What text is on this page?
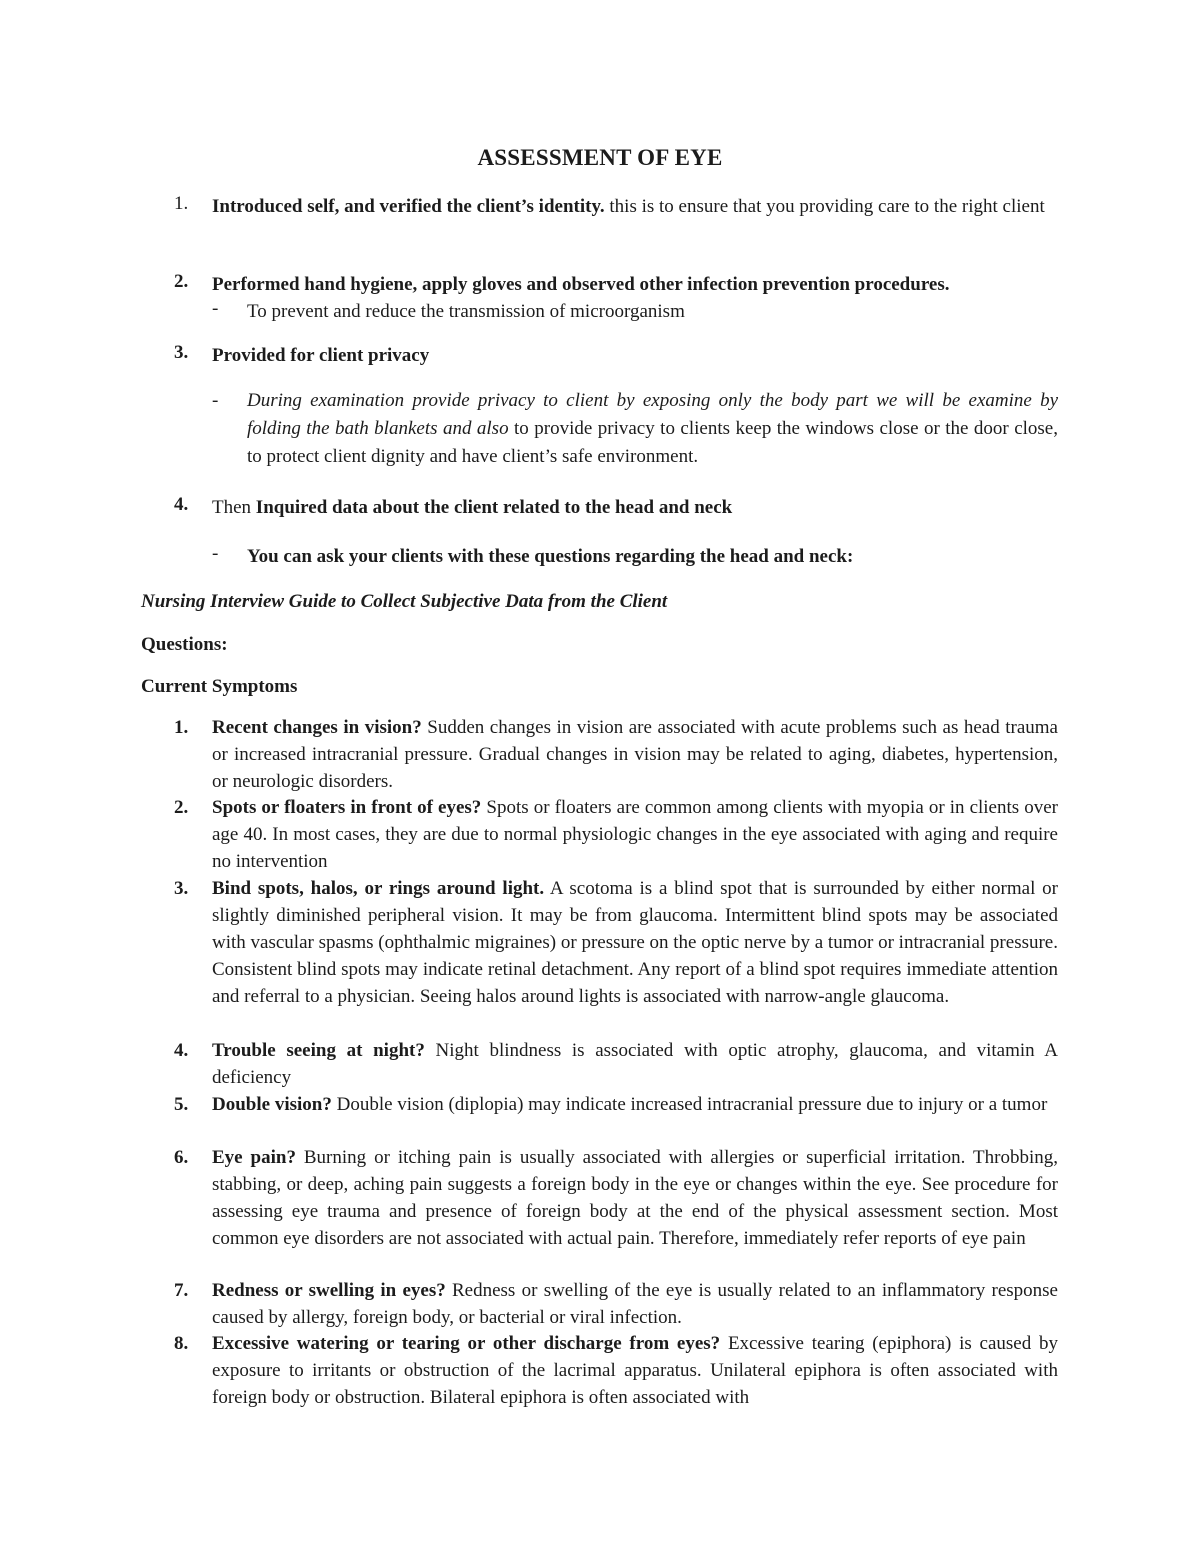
ASSESSMENT OF EYE
1.	Introduced self, and verified the client’s identity. this is to ensure that you providing care to the right client
2.	Performed hand hygiene, apply gloves and observed other infection prevention procedures.
-	To prevent and reduce the transmission of microorganism
3.	Provided for client privacy
-	During examination provide privacy to client by exposing only the body part we will be examine by folding the bath blankets and also to provide privacy to clients keep the windows close or the door close, to protect client dignity and have client’s safe environment.
4.	Then Inquired data about the client related to the head and neck
-	You can ask your clients with these questions regarding the head and neck:
Nursing Interview Guide to Collect Subjective Data from the Client
Questions:
Current Symptoms
1.	Recent changes in vision? Sudden changes in vision are associated with acute problems such as head trauma or increased intracranial pressure. Gradual changes in vision may be related to aging, diabetes, hypertension, or neurologic disorders.
2.	Spots or floaters in front of eyes? Spots or floaters are common among clients with myopia or in clients over age 40. In most cases, they are due to normal physiologic changes in the eye associated with aging and require no intervention
3.	Bind spots, halos, or rings around light. A scotoma is a blind spot that is surrounded by either normal or slightly diminished peripheral vision. It may be from glaucoma. Intermittent blind spots may be associated with vascular spasms (ophthalmic migraines) or pressure on the optic nerve by a tumor or intracranial pressure. Consistent blind spots may indicate retinal detachment. Any report of a blind spot requires immediate attention and referral to a physician. Seeing halos around lights is associated with narrow-angle glaucoma.
4.	Trouble seeing at night? Night blindness is associated with optic atrophy, glaucoma, and vitamin A deficiency
5.	Double vision? Double vision (diplopia) may indicate increased intracranial pressure due to injury or a tumor
6.	Eye pain? Burning or itching pain is usually associated with allergies or superficial irritation. Throbbing, stabbing, or deep, aching pain suggests a foreign body in the eye or changes within the eye. See procedure for assessing eye trauma and presence of foreign body at the end of the physical assessment section. Most common eye disorders are not associated with actual pain. Therefore, immediately refer reports of eye pain
7.	Redness or swelling in eyes? Redness or swelling of the eye is usually related to an inflammatory response caused by allergy, foreign body, or bacterial or viral infection.
8.	Excessive watering or tearing or other discharge from eyes? Excessive tearing (epiphora) is caused by exposure to irritants or obstruction of the lacrimal apparatus. Unilateral epiphora is often associated with foreign body or obstruction. Bilateral epiphora is often associated with
